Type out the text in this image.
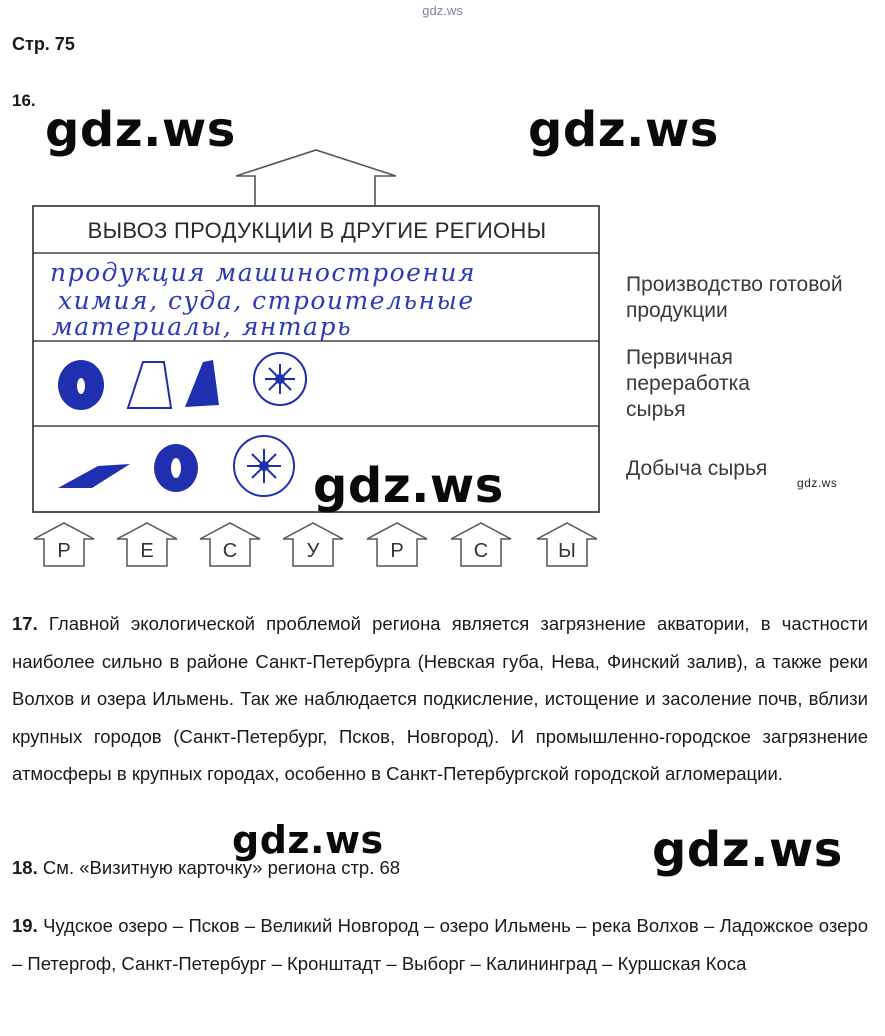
gdz.ws
Стр. 75
16.
ВЫВОЗ ПРОДУКЦИИ В ДРУГИЕ РЕГИОНЫ
продукция машиностроения
химия, суда, строительные
материалы, янтарь
Производство готовой продукции
Первичная переработка сырья
Добыча сырья
Р	Е	С	У	Р	С	Ы
gdz.ws	gdz.ws
gdz.ws	gdz.ws
gdz.ws	gdz.ws
17. Главной экологической проблемой региона является загрязнение акватории, в частности наиболее сильно в районе Санкт-Петербурга (Невская губа, Нева, Финский залив), а также реки Волхов и озера Ильмень. Так же наблюдается подкисление, истощение и засоление почв, вблизи крупных городов (Санкт-Петербург, Псков, Новгород). И промышленно-городское загрязнение атмосферы в крупных городах, особенно в Санкт-Петербургской городской агломерации.
18. См. «Визитную карточку» региона стр. 68
19. Чудское озеро – Псков – Великий Новгород – озеро Ильмень – река Волхов – Ладожское озеро – Петергоф, Санкт-Петербург – Кронштадт – Выборг – Калининград – Куршская Коса
